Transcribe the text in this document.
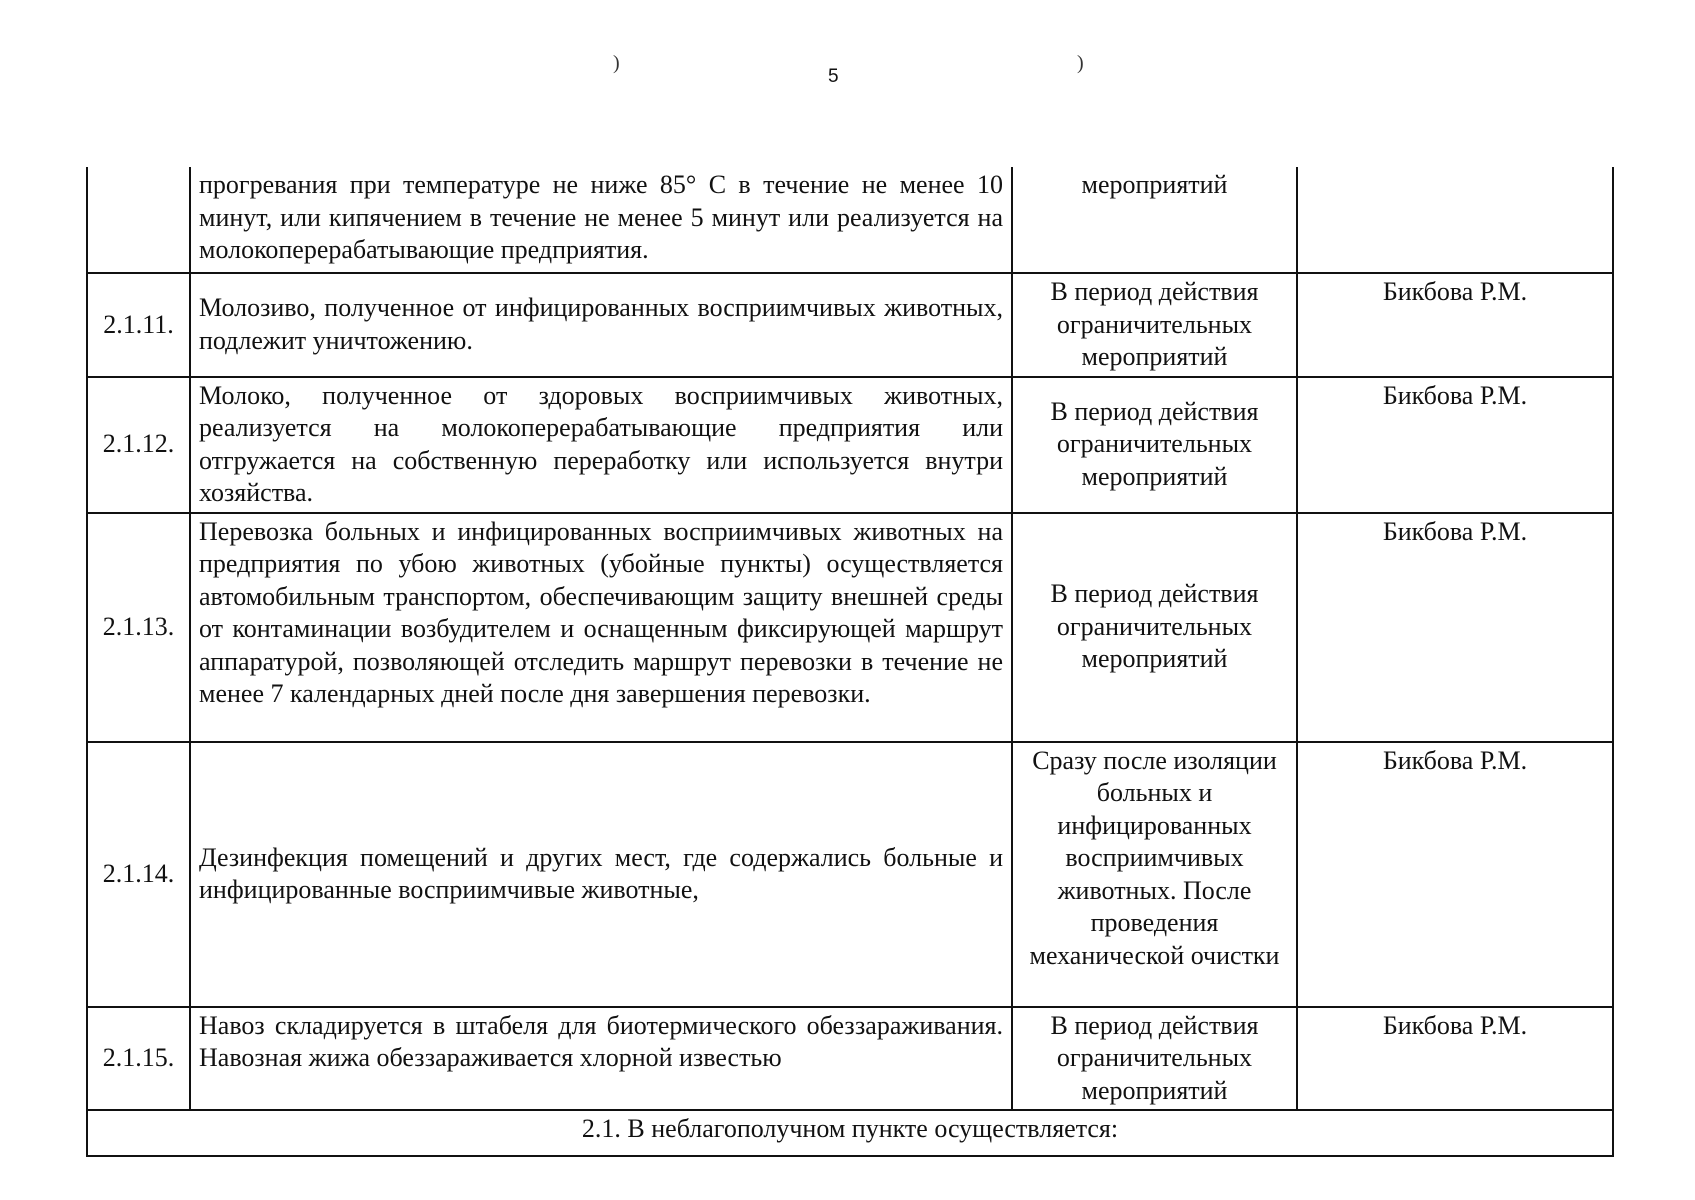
)
5
)
	прогревания при температуре не ниже 85° С в течение не менее 10 минут, или кипячением в течение не менее 5 минут или реализуется на молокоперерабатывающие предприятия.	мероприятий	
2.1.11.	Молозиво, полученное от инфицированных восприимчивых животных, подлежит уничтожению.	В период действия ограничительных мероприятий	Бикбова Р.М.
2.1.12.	Молоко, полученное от здоровых восприимчивых животных, реализуется на молокоперерабатывающие предприятия или отгружается на собственную переработку или используется внутри хозяйства.	В период действия ограничительных мероприятий	Бикбова Р.М.
2.1.13.	Перевозка больных и инфицированных восприимчивых животных на предприятия по убою животных (убойные пункты) осуществляется автомобильным транспортом, обеспечивающим защиту внешней среды от контаминации возбудителем и оснащенным фиксирующей маршрут аппаратурой, позволяющей отследить маршрут перевозки в течение не менее 7 календарных дней после дня завершения перевозки.	В период действия ограничительных мероприятий	Бикбова Р.М.
2.1.14.	Дезинфекция помещений и других мест, где содержались больные и инфицированные восприимчивые животные,	Сразу после изоляции больных и инфицированных восприимчивых животных. После проведения механической очистки	Бикбова Р.М.
2.1.15.	Навоз складируется в штабеля для биотермического обеззараживания. Навозная жижа обеззараживается хлорной известью	В период действия ограничительных мероприятий	Бикбова Р.М.
2.1. В неблагополучном пункте осуществляется:			
